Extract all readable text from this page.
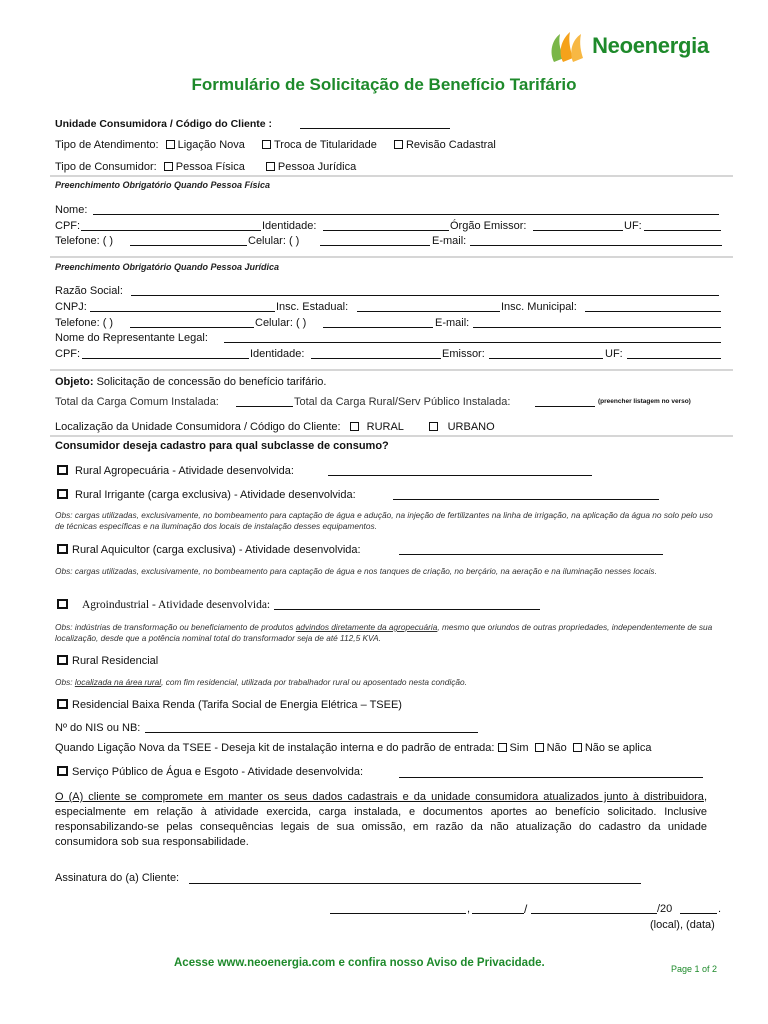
Neoenergia
Formulário de Solicitação de Benefício Tarifário
Unidade Consumidora / Código do Cliente :
Tipo de Atendimento: Ligação Nova	Troca de Titularidade	Revisão Cadastral
Tipo de Consumidor: Pessoa Física	Pessoa Jurídica
Preenchimento Obrigatório Quando Pessoa Física
Nome:
CPF:	Identidade:	Órgão Emissor:	UF:
Telefone: ( )	Celular: ( )	E-mail:
Preenchimento Obrigatório Quando Pessoa Jurídica
Razão Social:
CNPJ:	Insc. Estadual:	Insc. Municipal:
Telefone: ( )	Celular: ( )	E-mail:
Nome do Representante Legal:
CPF:	Identidade:	Emissor:	UF:
Objeto: Solicitação de concessão do benefício tarifário.
Total da Carga Comum Instalada:	Total da Carga Rural/Serv Público Instalada:	(preencher listagem no verso)
Localização da Unidade Consumidora / Código do Cliente: RURAL	URBANO
Consumidor deseja cadastro para qual subclasse de consumo?
Rural Agropecuária - Atividade desenvolvida:
Rural Irrigante (carga exclusiva) - Atividade desenvolvida:
Obs: cargas utilizadas, exclusivamente, no bombeamento para captação de água e adução, na injeção de fertilizantes na linha de irrigação, na aplicação da água no solo pelo uso de técnicas específicas e na iluminação dos locais de instalação desses equipamentos.
Rural Aquicultor (carga exclusiva) - Atividade desenvolvida:
Obs: cargas utilizadas, exclusivamente, no bombeamento para captação de água e nos tanques de criação, no berçário, na aeração e na iluminação nesses locais.
Agroindustrial - Atividade desenvolvida:
Obs: indústrias de transformação ou beneficiamento de produtos advindos diretamente da agropecuária, mesmo que oriundos de outras propriedades, independentemente de sua localização, desde que a potência nominal total do transformador seja de até 112,5 KVA.
Rural Residencial
Obs: localizada na área rural, com fim residencial, utilizada por trabalhador rural ou aposentado nesta condição.
Residencial Baixa Renda (Tarifa Social de Energia Elétrica – TSEE)
Nº do NIS ou NB:
Quando Ligação Nova da TSEE - Deseja kit de instalação interna e do padrão de entrada: Sim Não Não se aplica
Serviço Público de Água e Esgoto - Atividade desenvolvida:
O (A) cliente se compromete em manter os seus dados cadastrais e da unidade consumidora atualizados junto à distribuidora, especialmente em relação à atividade exercida, carga instalada, e documentos aportes ao benefício solicitado. Inclusive responsabilizando-se pelas consequências legais de sua omissão, em razão da não atualização do cadastro da unidade consumidora sob sua responsabilidade.
Assinatura do (a) Cliente:
,	/	/20	.
(local), (data)
Acesse www.neoenergia.com e confira nosso Aviso de Privacidade.	Page 1 of 2
